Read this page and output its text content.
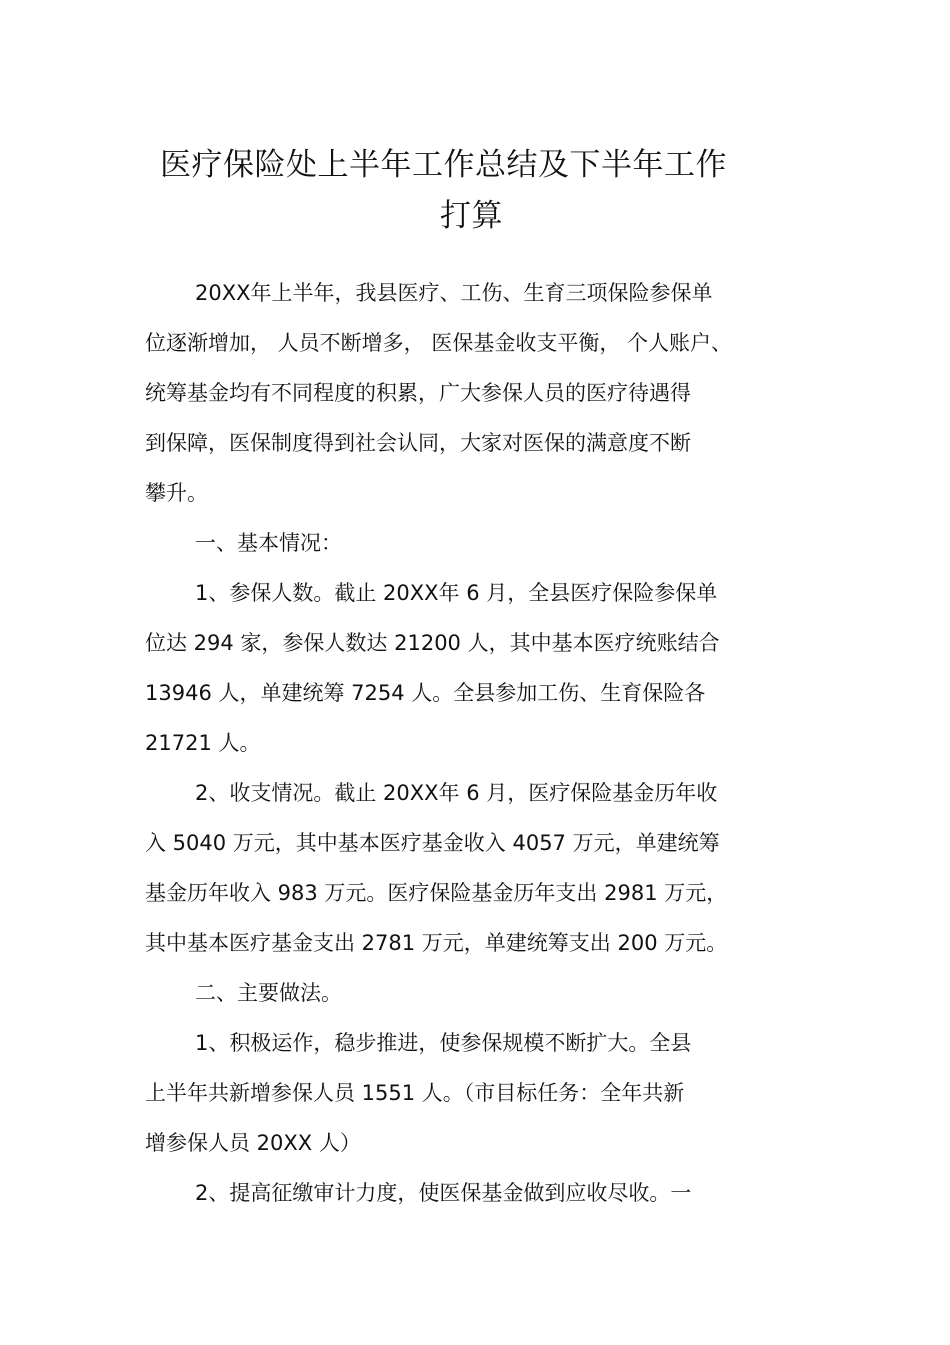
医疗保险处上半年工作总结及下半年工作
打算
20XX年上半年，我县医疗、工伤、生育三项保险参保单
位逐渐增加， 人员不断增多， 医保基金收支平衡， 个人账户、
统筹基金均有不同程度的积累，广大参保人员的医疗待遇得
到保障，医保制度得到社会认同，大家对医保的满意度不断
攀升。
一、基本情况：
1、参保人数。截止 20XX年 6 月，全县医疗保险参保单
位达 294 家，参保人数达 21200 人，其中基本医疗统账结合
13946 人，单建统筹 7254 人。全县参加工伤、生育保险各
21721 人。
2、收支情况。截止 20XX年 6 月，医疗保险基金历年收
入 5040 万元，其中基本医疗基金收入 4057 万元，单建统筹
基金历年收入 983 万元。医疗保险基金历年支出 2981 万元，
其中基本医疗基金支出 2781 万元，单建统筹支出 200 万元。
二、主要做法。
1、积极运作，稳步推进，使参保规模不断扩大。全县
上半年共新增参保人员 1551 人。（市目标任务：全年共新
增参保人员 20XX 人）
2、提高征缴审计力度，使医保基金做到应收尽收。一
